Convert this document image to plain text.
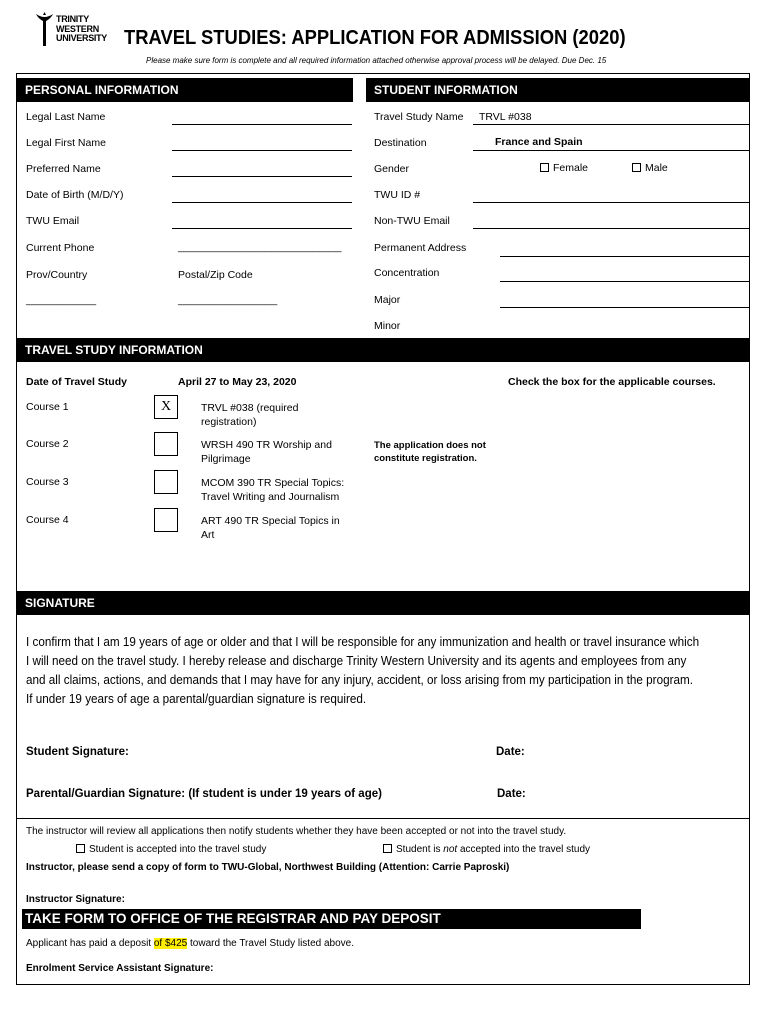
TRINITY
WESTERN
UNIVERSITY TRAVEL STUDIES: APPLICATION FOR ADMISSION (2020)
Please make sure form is complete and all required information attached otherwise approval process will be delayed. Due Dec. 15
PERSONAL INFORMATION	STUDENT INFORMATION
Legal Last Name
Legal First Name
Preferred Name
Date of Birth (M/D/Y)
TWU Email
Current Phone	____________________________
Prov/Country	Postal/Zip Code
____________	_________________
Travel Study Name TRVL #038
Destination	France and Spain
Gender	Female	Male
TWU ID #
Non-TWU Email
Permanent Address
Concentration
Major
Minor
TRAVEL STUDY INFORMATION
Date of Travel Study	April 27 to May 23, 2020	Check the box for the applicable courses.
Course 1	X	TRVL #038 (required
registration)
Course 2	WRSH 490 TR Worship and
Pilgrimage
The application does not
constitute registration.
Course 3	MCOM 390 TR Special Topics:
Travel Writing and Journalism
Course 4	ART 490 TR Special Topics in
Art
SIGNATURE
I confirm that I am 19 years of age or older and that I will be responsible for any immunization and health or travel insurance which
I will need on the travel study. I hereby release and discharge Trinity Western University and its agents and employees from any
and all claims, actions, and demands that I may have for any injury, accident, or loss arising from my participation in the program.
If under 19 years of age a parental/guardian signature is required.
Student Signature:	Date:
Parental/Guardian Signature: (If student is under 19 years of age)	Date:
The instructor will review all applications then notify students whether they have been accepted or not into the travel study.
Student is accepted into the travel study	Student is not accepted into the travel study
Instructor, please send a copy of form to TWU-Global, Northwest Building (Attention: Carrie Paproski)
Instructor Signature:
TAKE FORM TO OFFICE OF THE REGISTRAR AND PAY DEPOSIT
Applicant has paid a deposit of $425 toward the Travel Study listed above.
Enrolment Service Assistant Signature:
